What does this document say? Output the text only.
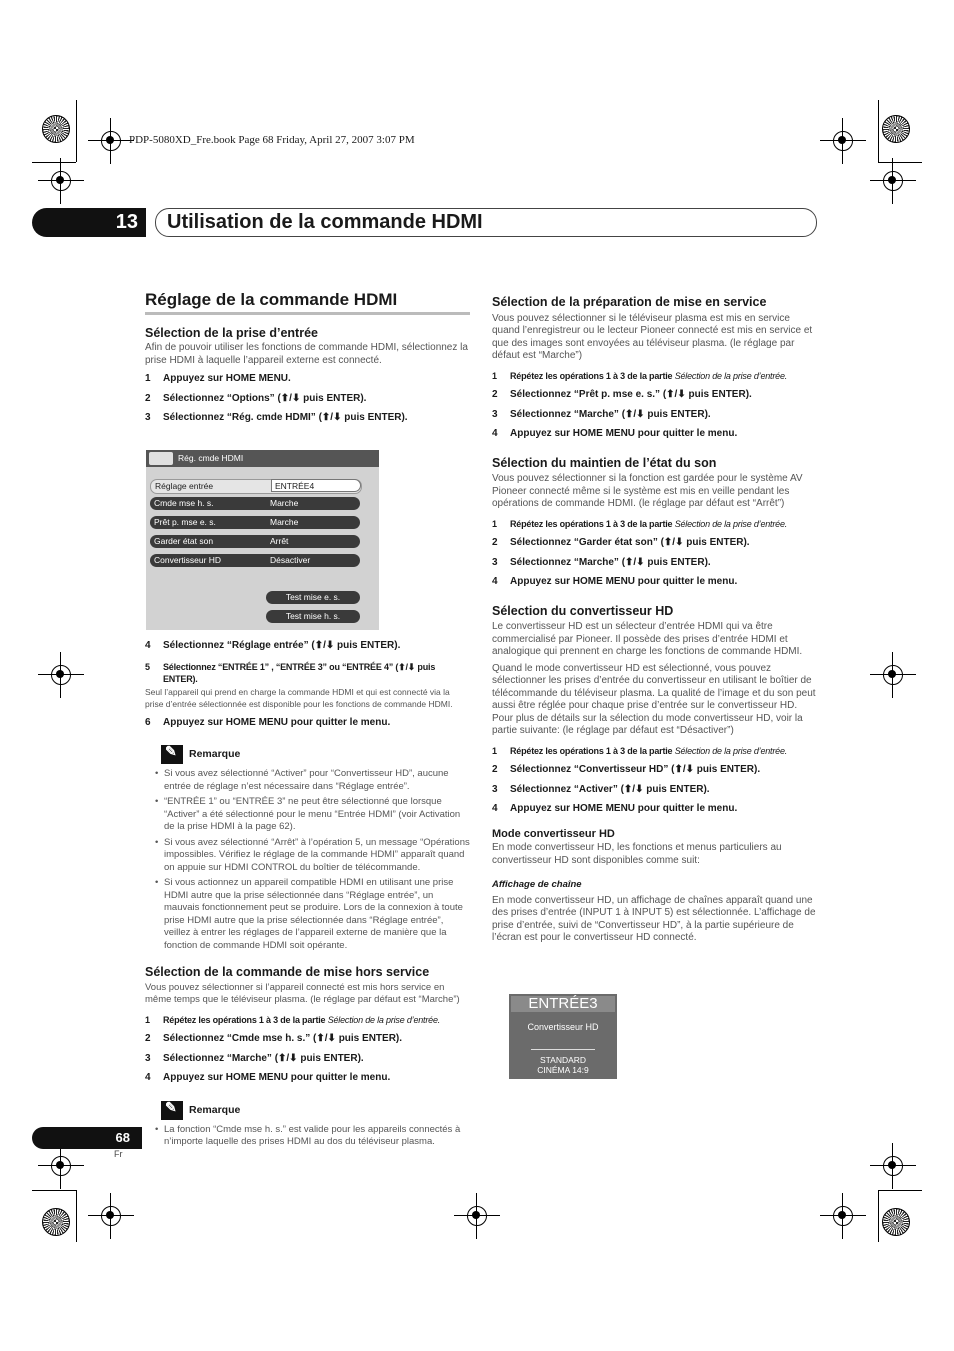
PDP-5080XD_Fre.book Page 68 Friday, April 27, 2007 3:07 PM
13	Utilisation de la commande HDMI

Réglage de la commande HDMI

Sélection de la prise d’entrée

Afin de pouvoir utiliser les fonctions de commande HDMI, sélectionnez la prise HDMI à laquelle l’appareil externe est connecté.

1	Appuyez sur HOME MENU.

2	Sélectionnez “Options” (⬆/⬇ puis ENTER).

3	Sélectionnez “Rég. cmde HDMI” (⬆/⬇ puis ENTER).

Rég. cmde HDMI
Réglage entrée	ENTRÉE4
Cmde mse h. s.	Marche
Prêt p. mse e. s.	Marche
Garder état son	Arrêt
Convertisseur HD	Désactiver
Test mise e. s.
Test mise h. s.

4	Sélectionnez “Réglage entrée” (⬆/⬇ puis ENTER).

5	Sélectionnez “ENTRÉE 1” , “ENTRÉE 3” ou “ENTRÉE 4” (⬆/⬇ puis ENTER).

Seul l’appareil qui prend en charge la commande HDMI et qui est connecté via la prise d’entrée sélectionnée est disponible pour les fonctions de commande HDMI.

6	Appuyez sur HOME MENU pour quitter le menu.

✎
Remarque
• Si vous avez sélectionné “Activer” pour “Convertisseur HD”, aucune entrée de réglage n’est nécessaire dans “Réglage entrée”.
• “ENTRÉE 1” ou “ENTRÉE 3” ne peut être sélectionné que lorsque “Activer” a été sélectionné pour le menu “Entrée HDMI” (voir Activation de la prise HDMI à la page 62).
• Si vous avez sélectionné “Arrêt” à l’opération 5, un message “Opérations impossibles. Vérifiez le réglage de la commande HDMI” apparaît quand on appuie sur HDMI CONTROL du boîtier de télécommande.
• Si vous actionnez un appareil compatible HDMI en utilisant une prise HDMI autre que la prise sélectionnée dans “Réglage entrée”, un mauvais fonctionnement peut se produire. Lors de la connexion à toute prise HDMI autre que la prise sélectionnée dans “Réglage entrée”, veillez à entrer les réglages de l’appareil externe de manière que la fonction de commande HDMI soit opérante.

Sélection de la commande de mise hors service

Vous pouvez sélectionner si l’appareil connecté est mis hors service en même temps que le téléviseur plasma. (le réglage par défaut est “Marche”)

1	Répétez les opérations 1 à 3 de la partie Sélection de la prise d’entrée.

2	Sélectionnez “Cmde mse h. s.” (⬆/⬇ puis ENTER).

3	Sélectionnez “Marche” (⬆/⬇ puis ENTER).

4	Appuyez sur HOME MENU pour quitter le menu.

✎
Remarque
• La fonction “Cmde mse h. s.” est valide pour les appareils connectés à n’importe laquelle des prises HDMI au dos du téléviseur plasma.

Sélection de la préparation de mise en service

Vous pouvez sélectionner si le téléviseur plasma est mis en service quand l’enregistreur ou le lecteur Pioneer connecté est mis en service et que des images sont envoyées au téléviseur plasma. (le réglage par défaut est “Marche”)

1	Répétez les opérations 1 à 3 de la partie Sélection de la prise d’entrée.

2	Sélectionnez “Prêt p. mse e. s.” (⬆/⬇ puis ENTER).

3	Sélectionnez “Marche” (⬆/⬇ puis ENTER).

4	Appuyez sur HOME MENU pour quitter le menu.

Sélection du maintien de l’état du son

Vous pouvez sélectionner si la fonction est gardée pour le système AV Pioneer connecté même si le système est mis en veille pendant les opérations de commande HDMI. (le réglage par défaut est “Arrêt”)

1	Répétez les opérations 1 à 3 de la partie Sélection de la prise d’entrée.

2	Sélectionnez “Garder état son” (⬆/⬇ puis ENTER).

3	Sélectionnez “Marche” (⬆/⬇ puis ENTER).

4	Appuyez sur HOME MENU pour quitter le menu.

Sélection du convertisseur HD

Le convertisseur HD est un sélecteur d’entrée HDMI qui va être commercialisé par Pioneer. Il possède des prises d’entrée HDMI et analogique qui prennent en charge les fonctions de commande HDMI.

Quand le mode convertisseur HD est sélectionné, vous pouvez sélectionner les prises d’entrée du convertisseur en utilisant le boîtier de télécommande du téléviseur plasma. La qualité de l’image et du son peut aussi être réglée pour chaque prise d’entrée sur le convertisseur HD. Pour plus de détails sur la sélection du mode convertisseur HD, voir la partie suivante: (le réglage par défaut est “Désactiver”)

1	Répétez les opérations 1 à 3 de la partie Sélection de la prise d’entrée.

2	Sélectionnez “Convertisseur HD” (⬆/⬇ puis ENTER).

3	Sélectionnez “Activer” (⬆/⬇ puis ENTER).

4	Appuyez sur HOME MENU pour quitter le menu.

Mode convertisseur HD

En mode convertisseur HD, les fonctions et menus particuliers au convertisseur HD sont disponibles comme suit:

Affichage de chaîne

En mode convertisseur HD, un affichage de chaînes apparaît quand une des prises d’entrée (INPUT 1 à INPUT 5) est sélectionnée. L’affichage de prise d’entrée, suivi de “Convertisseur HD”, à la partie supérieure de l’écran est pour le convertisseur HD connecté.

ENTRÉE3
Convertisseur HD
STANDARD
CINÉMA 14:9
68
Fr
